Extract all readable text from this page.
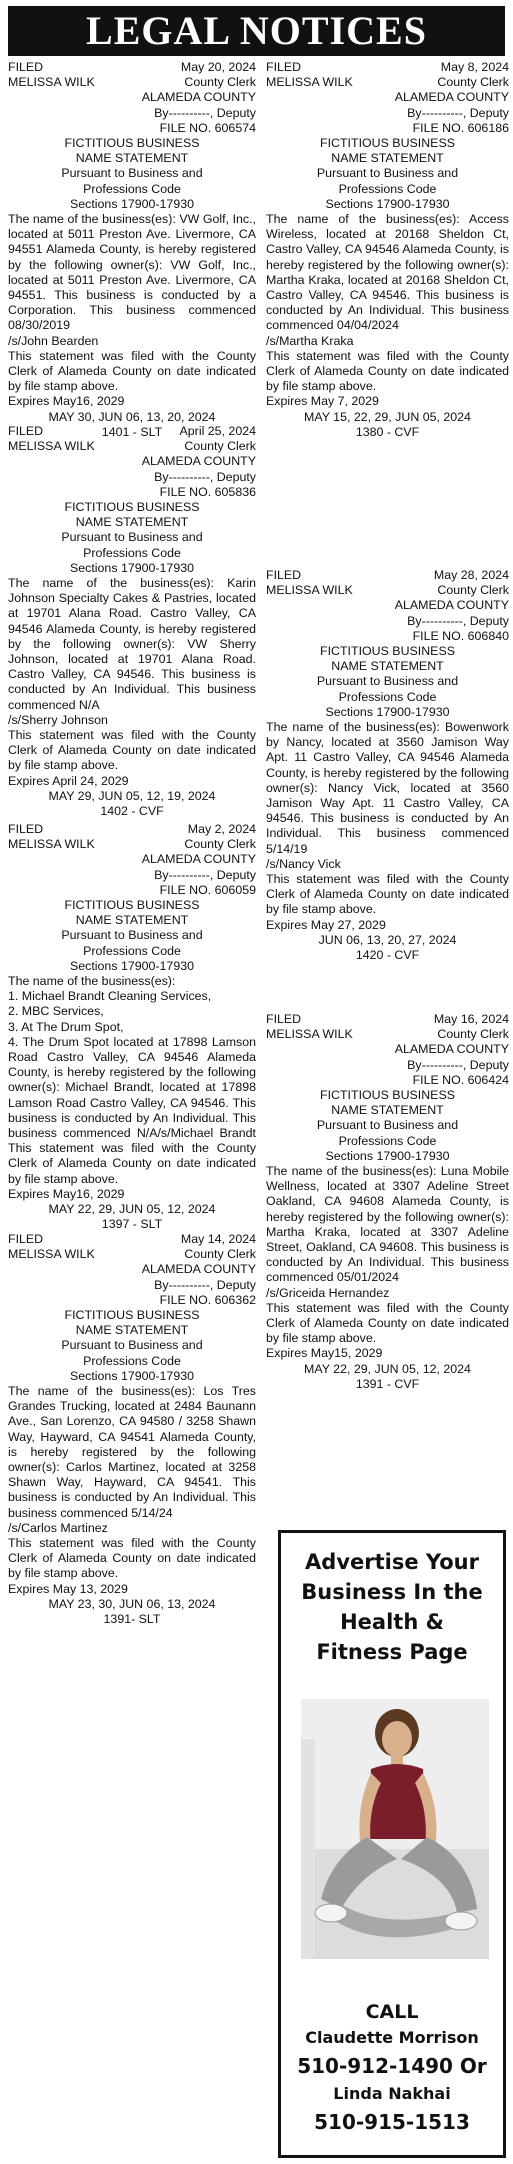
LEGAL NOTICES
FILED	May 20, 2024
MELISSA WILK	County Clerk
ALAMEDA COUNTY
By----------, Deputy
FILE NO. 606574
FICTITIOUS BUSINESS
NAME STATEMENT
Pursuant to Business and
Professions Code
Sections 17900-17930

The name of the business(es): VW Golf, Inc., located at 5011 Preston Ave. Livermore, CA 94551 Alameda County, is hereby registered by the following owner(s): VW Golf, Inc., located at 5011 Preston Ave. Livermore, CA 94551. This business is conducted by a Corporation. This business commenced 08/30/2019

/s/John Bearden

This statement was filed with the County Clerk of Alameda County on date indicated by file stamp above.

Expires May16, 2029
MAY 30, JUN 06, 13, 20, 2024
1401 - SLT
FILED	April 25, 2024
MELISSA WILK	County Clerk
ALAMEDA COUNTY
By----------, Deputy
FILE NO. 605836
FICTITIOUS BUSINESS
NAME STATEMENT
Pursuant to Business and
Professions Code
Sections 17900-17930

The name of the business(es): Karin Johnson Specialty Cakes & Pastries, located at 19701 Alana Road. Castro Valley, CA 94546 Alameda County, is hereby registered by the following owner(s): VW Sherry Johnson, located at 19701 Alana Road. Castro Valley, CA 94546. This business is conducted by An Individual. This business commenced N/A

/s/Sherry Johnson

This statement was filed with the County Clerk of Alameda County on date indicated by file stamp above.

Expires April 24, 2029
MAY 29, JUN 05, 12, 19, 2024
1402 - CVF
FILED	May 2, 2024
MELISSA WILK	County Clerk
ALAMEDA COUNTY
By----------, Deputy
FILE NO. 606059
FICTITIOUS BUSINESS
NAME STATEMENT
Pursuant to Business and
Professions Code
Sections 17900-17930
The name of the business(es):
1. Michael Brandt Cleaning Services,
2. MBC Services,
3. At The Drum Spot,

4. The Drum Spot located at 17898 Lamson Road Castro Valley, CA 94546 Alameda County, is hereby registered by the following owner(s): Michael Brandt, located at 17898 Lamson Road Castro Valley, CA 94546. This business is conducted by An Individual. This business commenced N/A/s/Michael Brandt This statement was filed with the County Clerk of Alameda County on date indicated by file stamp above.

Expires May16, 2029
MAY 22, 29, JUN 05, 12, 2024
1397 - SLT
FILED	May 14, 2024
MELISSA WILK	County Clerk
ALAMEDA COUNTY
By----------, Deputy
FILE NO. 606362
FICTITIOUS BUSINESS
NAME STATEMENT
Pursuant to Business and
Professions Code
Sections 17900-17930

The name of the business(es): Los Tres Grandes Trucking, located at 2484 Baunann Ave., San Lorenzo, CA 94580 / 3258 Shawn Way, Hayward, CA 94541 Alameda County, is hereby registered by the following owner(s): Carlos Martinez, located at 3258 Shawn Way, Hayward, CA 94541. This business is conducted by An Individual. This business commenced 5/14/24

/s/Carlos Martinez

This statement was filed with the County Clerk of Alameda County on date indicated by file stamp above.

Expires May 13, 2029
MAY 23, 30, JUN 06, 13, 2024
1391- SLT
FILED	May 8, 2024
MELISSA WILK	County Clerk
ALAMEDA COUNTY
By----------, Deputy
FILE NO. 606186
FICTITIOUS BUSINESS
NAME STATEMENT
Pursuant to Business and
Professions Code
Sections 17900-17930

The name of the business(es): Access Wireless, located at 20168 Sheldon Ct, Castro Valley, CA 94546 Alameda County, is hereby registered by the following owner(s): Martha Kraka, located at 20168 Sheldon Ct, Castro Valley, CA 94546. This business is conducted by An Individual. This business commenced 04/04/2024

/s/Martha Kraka

This statement was filed with the County Clerk of Alameda County on date indicated by file stamp above.

Expires May 7, 2029
MAY 15, 22, 29, JUN 05, 2024
1380 - CVF
FILED	May 28, 2024
MELISSA WILK	County Clerk
ALAMEDA COUNTY
By----------, Deputy
FILE NO. 606840
FICTITIOUS BUSINESS
NAME STATEMENT
Pursuant to Business and
Professions Code
Sections 17900-17930

The name of the business(es): Bowenwork by Nancy, located at 3560 Jamison Way Apt. 11 Castro Valley, CA 94546 Alameda County, is hereby registered by the following owner(s): Nancy Vick, located at 3560 Jamison Way Apt. 11 Castro Valley, CA 94546. This business is conducted by An Individual. This business commenced 5/14/19

/s/Nancy Vick

This statement was filed with the County Clerk of Alameda County on date indicated by file stamp above.

Expires May 27, 2029
JUN 06, 13, 20, 27, 2024
1420 - CVF
FILED	May 16, 2024
MELISSA WILK	County Clerk
ALAMEDA COUNTY
By----------, Deputy
FILE NO. 606424
FICTITIOUS BUSINESS
NAME STATEMENT
Pursuant to Business and
Professions Code
Sections 17900-17930

The name of the business(es): Luna Mobile Wellness, located at 3307 Adeline Street Oakland, CA 94608 Alameda County, is hereby registered by the following owner(s): Martha Kraka, located at 3307 Adeline Street, Oakland, CA 94608. This business is conducted by An Individual. This business commenced 05/01/2024

/s/Griceida Hernandez

This statement was filed with the County Clerk of Alameda County on date indicated by file stamp above.

Expires May15, 2029
MAY 22, 29, JUN 05, 12, 2024
1391 - CVF
Advertise Your
Business In the
Health &
Fitness Page
CALL
Claudette Morrison
510-912-1490 Or
Linda Nakhai
510-915-1513
